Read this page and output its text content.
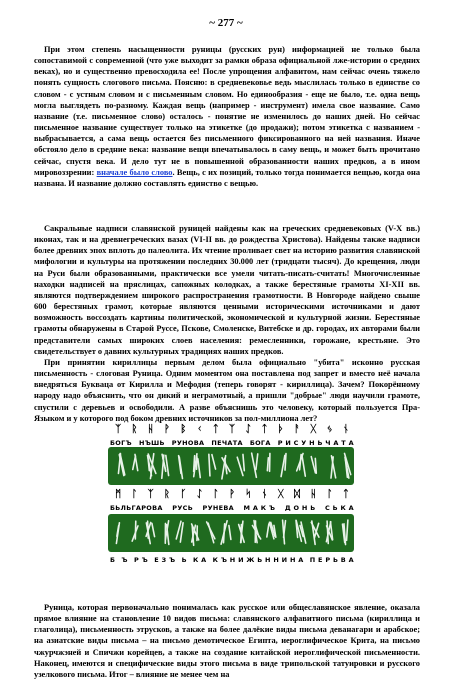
~ 277 ~

При этом степень насыщенности руницы (русских рун) информацией не только была сопоставимой с современной (что уже выходит за рамки образа официальной лже-истории о средних веках), но и существенно превосходила ее! После упрощения алфавитом, нам сейчас очень тяжело понять сущность слогового письма. Поясню: в средневековье ведь мыслилась только в единстве со словом - с устным словом и с письменным словом. Но единообразия - еще не было, т.е. одна вещь могла выглядеть по-разному. Каждая вещь (например - инструмент) имела свое название. Само название (т.е. письменное слово) осталось - понятие не изменилось до наших дней. Но сейчас письменное название существует только на этикетке (до продажи); потом этикетка с названием - выбрасывается, а сама вещь остается без письменного фиксированного на ней названия. Иначе обстояло дело в средние века: название вещи впечатывалось в саму вещь, и может быть прочитано сейчас, спустя века. И дело тут не в повышенной образованности наших предков, а в ином мировоззрении: вначале было слово. Вещь, с их позиций, только тогда понимается вещью, когда она названа. И название должно составлять единство с вещью.

Сакральные надписи славянской руницей найдены как на греческих средневековых (V-X вв.) иконах, так и на древнегреческих вазах (VI-II вв. до рождества Христова). Найдены также надписи более древних эпох вплоть до палеолита. Их чтение проливает свет на историю развития славянской мифологии и культуры на протяжении последних 30.000 лет (тридцати тысяч). До крещения, люди на Руси были образованными, практически все умели читать-писать-считать! Многочисленные находки надписей на пряслицах, сапожных колодках, а также берестяные грамоты XI-XII вв. являются подтверждением широкого распространения грамотности. В Новгороде найдено свыше 600 берестяных грамот, которые являются ценными историческими источниками и дают возможность воссоздать картины политической, экономической и культурной жизни. Берестяные грамоты обнаружены в Старой Руссе, Пскове, Смоленске, Витебске и др. городах, их авторами были представители самых широких слоев населения: ремесленники, горожане, крестьяне. Это свидетельствует о давних культурных традициях наших предков.

При принятии кириллицы первым делом была официально "убита" исконно русская письменность - слоговая Руница. Одним моментом она поставлена под запрет и вместо неё начала внедряться Букваца от Кирилла и Мефодия (теперь говорят - кириллица). Зачем? Покорённому народу надо объяснить, что он дикий и неграмотный, а пришли "добрые" люди научили грамоте, спустили с деревьев и освободили. А разве объяснишь это человеку, который пользуется Пра-Языком и у которого под боком древних источников за пол-миллиона лет?

ᛉ ᚱ ᚺ ᚹ ᛒ ᚲ ᛏ ᛉ ᛇ ᛏ ᚦ ᚨ ᚷ ᛃ ᚾ
БОГЪ НЪШЬ РУНОВА ПЕЧАТА БОГА Р И С У Н Ь Ч А Т А
ᛗ ᛚ ᛉ ᚱ ᚴ ᛇ ᛚ ᚹ ᛋ ᚾ ᚷ ᛞ ᚺ ᛚ ᛏ
БЬЛЬГАРОВА РУСЬ РУНЕВА М А К Ъ Д О Н Ь С Ь К А
Б Ъ Р Ъ Е З Ъ Ь К А К Ъ Н И Ж Ь Н Н И Н А П Е Р Ь В А

Руница, которая первоначально понималась как русское или общеславянское явление, оказала прямое влияние на становление 10 видов письма: славянского алфавитного письма (кириллица и глаголица), письменность этрусков, а также на более далёкие виды письма деванагари и арабское; на азиатские виды письма – на письмо демотическое Египта, иероглифическое Крита, на письмо чжурчжэней и Спичжи корейцев, а также на создание китайской иероглифической письменности. Наконец, имеются и специфические виды этого письма в виде трипольской татуировки и русского узелкового письма. Итог – влияние не менее чем на
